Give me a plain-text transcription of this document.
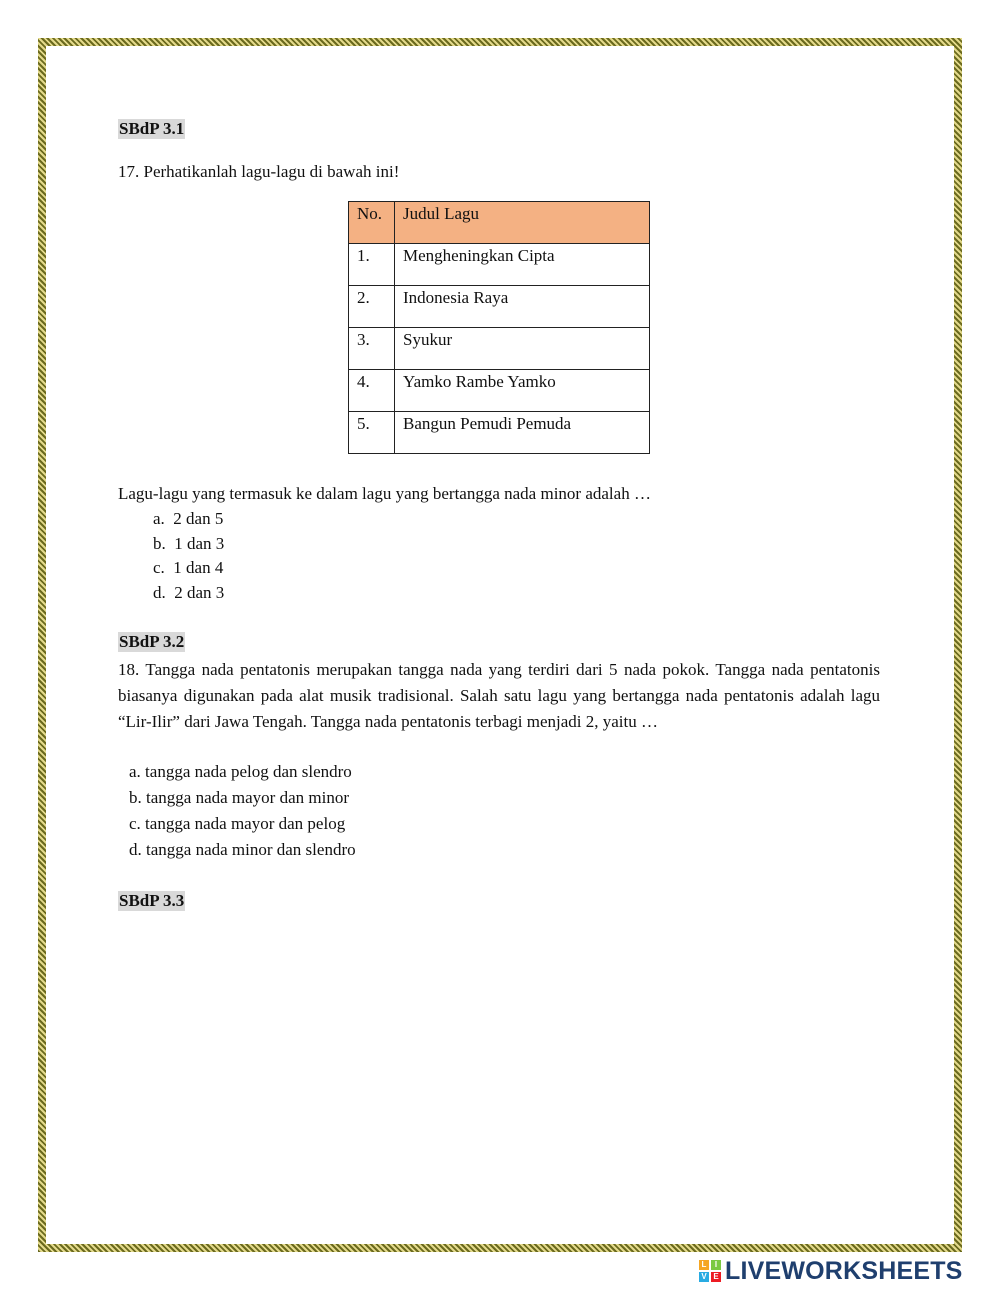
SBdP 3.1
17. Perhatikanlah lagu-lagu di bawah ini!
No.	Judul Lagu
1.	Mengheningkan Cipta
2.	Indonesia Raya
3.	Syukur
4.	Yamko Rambe Yamko
5.	Bangun Pemudi Pemuda
Lagu-lagu yang termasuk ke dalam lagu yang bertangga nada minor adalah …
a.  2 dan 5
b.  1 dan 3
c.  1 dan 4
d.  2 dan 3
SBdP 3.2
18. Tangga nada pentatonis merupakan tangga nada yang terdiri dari 5 nada pokok. Tangga nada pentatonis biasanya digunakan pada alat musik tradisional. Salah satu lagu yang bertangga nada pentatonis adalah lagu “Lir-Ilir” dari Jawa Tengah. Tangga nada pentatonis terbagi menjadi 2, yaitu …
a. tangga nada pelog dan slendro
b. tangga nada mayor dan minor
c. tangga nada mayor dan pelog
d. tangga nada minor dan slendro
SBdP 3.3
L	I
V E LIVEWORKSHEETS
